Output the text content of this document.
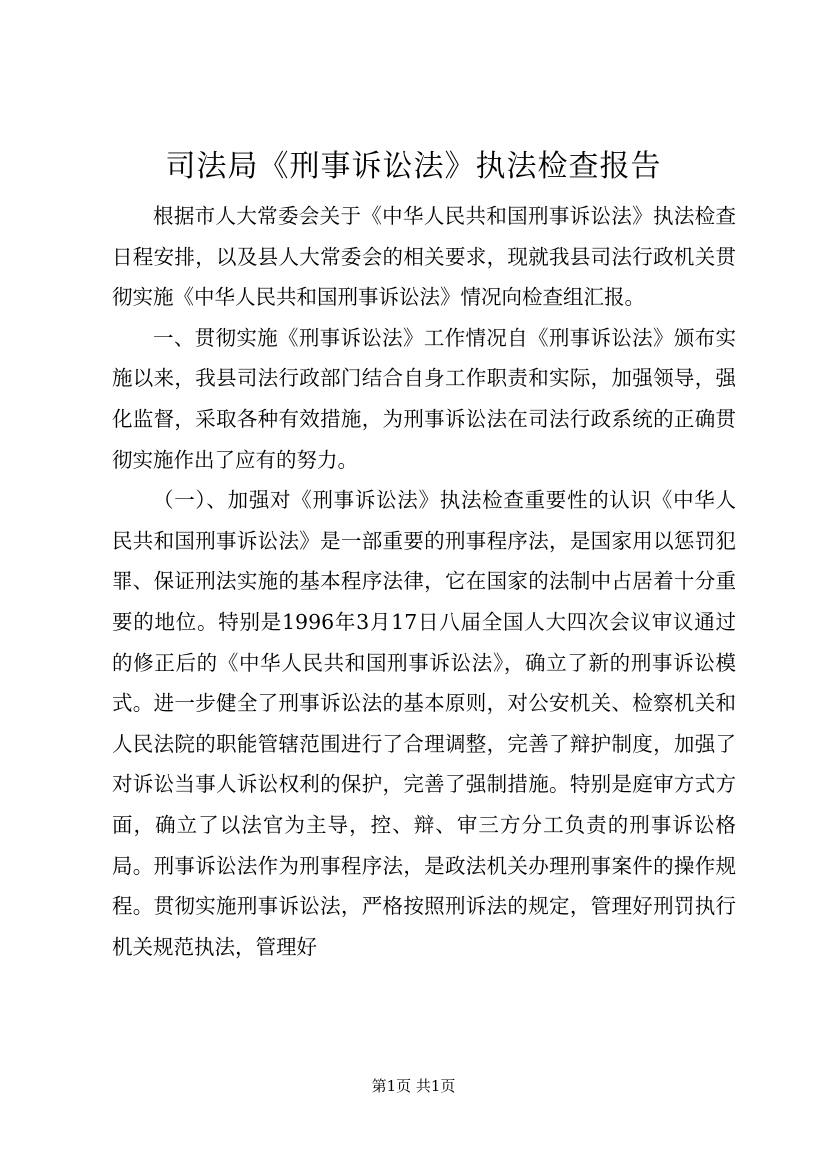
司法局《刑事诉讼法》执法检查报告

根据市人大常委会关于《中华人民共和国刑事诉讼法》执法检查日程安排，以及县人大常委会的相关要求，现就我县司法行政机关贯彻实施《中华人民共和国刑事诉讼法》情况向检查组汇报。

一、贯彻实施《刑事诉讼法》工作情况自《刑事诉讼法》颁布实施以来，我县司法行政部门结合自身工作职责和实际，加强领导，强化监督，采取各种有效措施，为刑事诉讼法在司法行政系统的正确贯彻实施作出了应有的努力。

（一）、加强对《刑事诉讼法》执法检查重要性的认识《中华人民共和国刑事诉讼法》是一部重要的刑事程序法，是国家用以惩罚犯罪、保证刑法实施的基本程序法律，它在国家的法制中占居着十分重要的地位。特别是1996年3月17日八届全国人大四次会议审议通过的修正后的《中华人民共和国刑事诉讼法》，确立了新的刑事诉讼模式。进一步健全了刑事诉讼法的基本原则，对公安机关、检察机关和人民法院的职能管辖范围进行了合理调整，完善了辩护制度，加强了对诉讼当事人诉讼权利的保护，完善了强制措施。特别是庭审方式方面，确立了以法官为主导，控、辩、审三方分工负责的刑事诉讼格局。刑事诉讼法作为刑事程序法，是政法机关办理刑事案件的操作规程。贯彻实施刑事诉讼法，严格按照刑诉法的规定，管理好刑罚执行机关规范执法，管理好

第1页 共1页
